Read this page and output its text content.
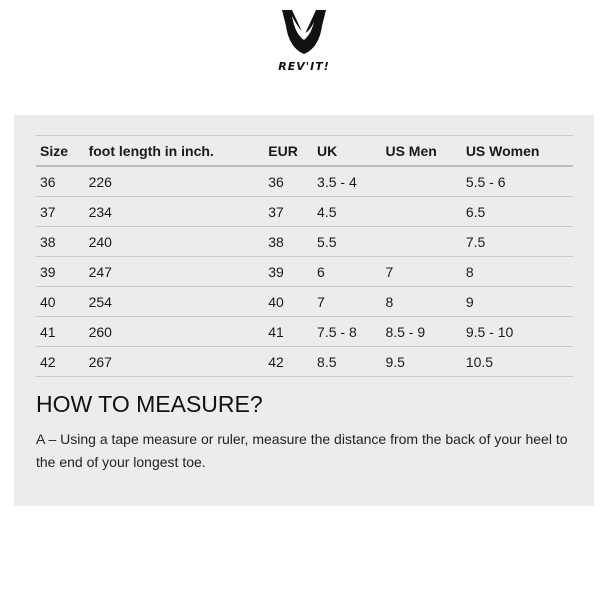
REV'IT!
Size	foot length in inch.	EUR	UK	US Men	US Women
36	226	36	3.5 - 4		5.5 - 6
37	234	37	4.5		6.5
38	240	38	5.5		7.5
39	247	39	6	7	8
40	254	40	7	8	9
41	260	41	7.5 - 8	8.5 - 9	9.5 - 10
42	267	42	8.5	9.5	10.5
HOW TO MEASURE?

A – Using a tape measure or ruler, measure the distance from the back of your heel to the end of your longest toe.
